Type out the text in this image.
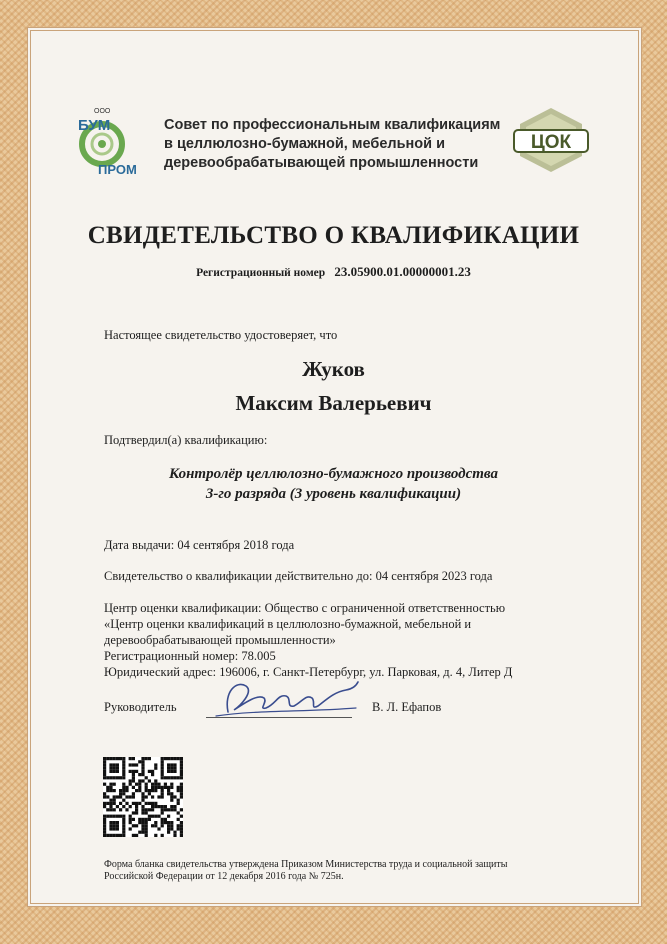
ООО
БУМ
ПРОМ
Совет по профессиональным квалификациям
в целлюлозно-бумажной, мебельной и
деревообрабатывающей промышленности
ЦОК
СВИДЕТЕЛЬСТВО О КВАЛИФИКАЦИИ
Регистрационный номер 23.05900.01.00000001.23
Настоящее свидетельство удостоверяет, что
Жуков
Максим Валерьевич
Подтвердил(а) квалификацию:
Контролёр целлюлозно-бумажного производства
3-го разряда (3 уровень квалификации)
Дата выдачи: 04 сентября 2018 года
Свидетельство о квалификации действительно до: 04 сентября 2023 года
Центр оценки квалификации: Общество с ограниченной ответственностью
«Центр оценки квалификаций в целлюлозно-бумажной, мебельной и
деревообрабатывающей промышленности»
Регистрационный номер: 78.005
Юридический адрес: 196006, г. Санкт-Петербург, ул. Парковая, д. 4, Литер Д
Руководитель	В. Л. Ефапов
Форма бланка свидетельства утверждена Приказом Министерства труда и социальной защиты
Российской Федерации от 12 декабря 2016 года № 725н.
